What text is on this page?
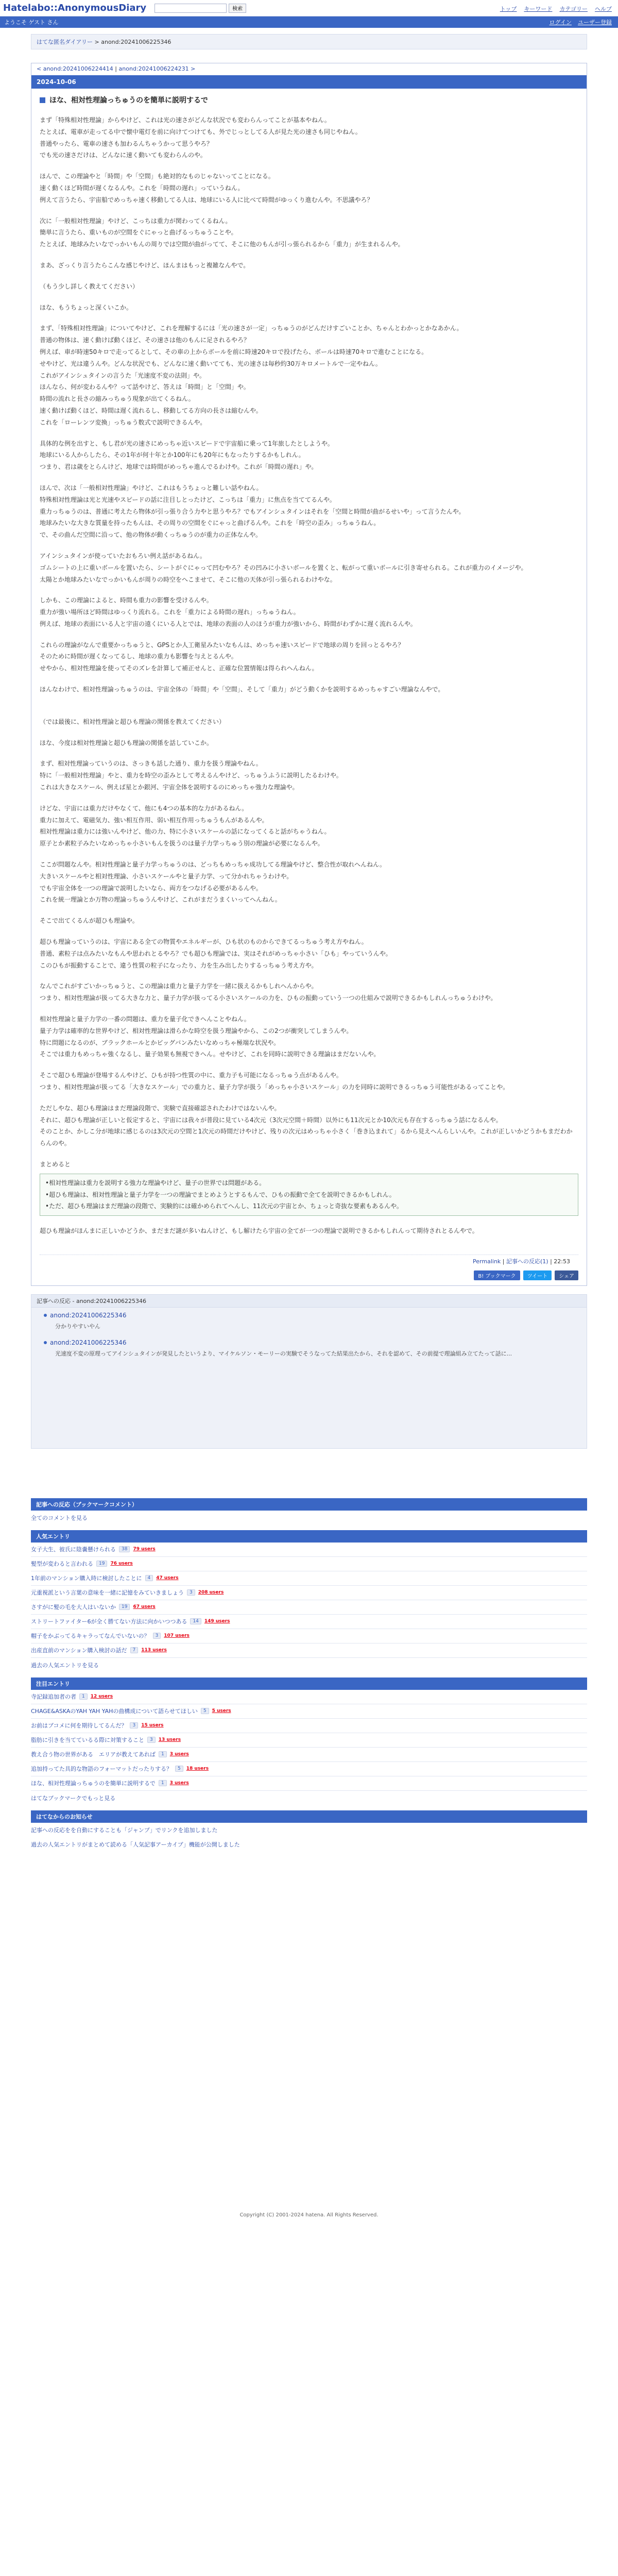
Hatelabo::AnonymousDiary	検索	トップ キーワード カテゴリー ヘルプ
ようこそ ゲスト さん	ログイン ユーザー登録
はてな匿名ダイアリー > anond:20241006225346
< anond:20241006224414 | anond:20241006224231 >
2024-10-06
ほな、相対性理論っちゅうのを簡単に説明するで

まず「特殊相対性理論」からやけど、これは光の速さがどんな状況でも変わらんってことが基本やねん。
たとえば、電車が走ってる中で懐中電灯を前に向けてつけても、外でじっとしてる人が見た光の速さも同じやねん。
普通やったら、電車の速さも加わるんちゃうかって思うやろ？
でも光の速さだけは、どんなに速く動いても変わらんのや。

ほんで、この理論やと「時間」や「空間」も絶対的なものじゃないってことになる。
速く動くほど時間が遅くなるんや。これを「時間の遅れ」っていうねん。
例えて言うたら、宇宙船でめっちゃ速く移動してる人は、地球にいる人に比べて時間がゆっくり進むんや。不思議やろ？

次に「一般相対性理論」やけど、こっちは重力が関わってくるねん。
簡単に言うたら、重いものが空間をぐにゃっと曲げるっちゅうことや。
たとえば、地球みたいなでっかいもんの周りでは空間が曲がってて、そこに他のもんが引っ張られるから「重力」が生まれるんや。

まあ、ざっくり言うたらこんな感じやけど、ほんまはもっと複雑なんやで。

（もう少し詳しく教えてください）

ほな、もうちょっと深くいこか。

まず、「特殊相対性理論」についてやけど、これを理解するには「光の速さが一定」っちゅうのがどんだけすごいことか、ちゃんとわかっとかなあかん。
普通の物体は、速く動けば動くほど、その速さは他のもんに足されるやろ？
例えば、車が時速50キロで走ってるとして、その車の上からボールを前に時速20キロで投げたら、ボールは時速70キロで進むことになる。
せやけど、光は違うんや。どんな状況でも、どんなに速く動いてても、光の速さは毎秒約30万キロメートルで一定やねん。
これがアインシュタインの言うた「光速度不変の法則」や。
ほんなら、何が変わるんや？って話やけど、答えは「時間」と「空間」や。
時間の流れと長さの縮みっちゅう現象が出てくるねん。
速く動けば動くほど、時間は遅く流れるし、移動してる方向の長さは縮むんや。
これを「ローレンツ変換」っちゅう数式で説明できるんや。

具体的な例を出すと、もし君が光の速さにめっちゃ近いスピードで宇宙船に乗って1年旅したとしようや。
地球にいる人からしたら、その1年が何十年とか100年にも20年にもなったりするかもしれん。
つまり、君は歳をとらんけど、地球では時間がめっちゃ進んでるわけや。これが「時間の遅れ」や。

ほんで、次は「一般相対性理論」やけど、これはもうちょっと難しい話やねん。
特殊相対性理論は光と光速やスピードの話に注目しとったけど、こっちは「重力」に焦点を当ててるんや。
重力っちゅうのは、普通に考えたら物体が引っ張り合う力やと思うやろ？でもアインシュタインはそれを「空間と時間が曲がるせいや」って言うたんや。
地球みたいな大きな質量を持ったもんは、その周りの空間をぐにゃっと曲げるんや。これを「時空の歪み」っちゅうねん。
で、その曲んだ空間に沿って、他の物体が動くっちゅうのが重力の正体なんや。

アインシュタインが使っていたおもろい例え話があるねん。
ゴムシートの上に重いボールを置いたら、シートがぐにゃって凹むやろ？その凹みに小さいボールを置くと、転がって重いボールに引き寄せられる。これが重力のイメージや。
太陽とか地球みたいなでっかいもんが周りの時空をへこませて、そこに他の天体が引っ張られるわけやな。

しかも、この理論によると、時間も重力の影響を受けるんや。
重力が強い場所ほど時間はゆっくり流れる。これを「重力による時間の遅れ」っちゅうねん。
例えば、地球の表面にいる人と宇宙の遠くにいる人とでは、地球の表面の人のほうが重力が強いから、時間がわずかに遅く流れるんや。

これらの理論がなんで重要かっちゅうと、GPSとか人工衛星みたいなもんは、めっちゃ速いスピードで地球の周りを回っとるやろ？
そのために時間が遅くなってるし、地球の重力も影響を与えとるんや。
せやから、相対性理論を使ってそのズレを計算して補正せんと、正確な位置情報は得られへんねん。

ほんなわけで、相対性理論っちゅうのは、宇宙全体の「時間」や「空間」、そして「重力」がどう動くかを説明するめっちゃすごい理論なんやで。

（では最後に、相対性理論と超ひも理論の関係を教えてください）

ほな、今度は相対性理論と超ひも理論の関係を話していこか。

まず、相対性理論っていうのは、さっきも話した通り、重力を扱う理論やねん。
特に「一般相対性理論」やと、重力を時空の歪みとして考えるんやけど、っちゅうふうに説明したるわけや。
これは大きなスケール、例えば星とか銀河、宇宙全体を説明するのにめっちゃ強力な理論や。

けどな、宇宙には重力だけやなくて、他にも4つの基本的な力があるねん。
重力に加えて、電磁気力、強い相互作用、弱い相互作用っちゅうもんがあるんや。
相対性理論は重力には強いんやけど、他の力、特に小さいスケールの話になってくると話がちゃうねん。
原子とか素粒子みたいなめっちゃ小さいもんを扱うのは量子力学っちゅう別の理論が必要になるんや。

ここが問題なんや。相対性理論と量子力学っちゅうのは、どっちもめっちゃ成功してる理論やけど、整合性が取れへんねん。
大きいスケールやと相対性理論、小さいスケールやと量子力学、って分かれちゃうわけや。
でも宇宙全体を一つの理論で説明したいなら、両方をつなげる必要があるんや。
これを統一理論とか万物の理論っちゅうんやけど、これがまだうまくいってへんねん。

そこで出てくるんが超ひも理論や。

超ひも理論っていうのは、宇宙にある全ての物質やエネルギーが、ひも状のものからできてるっちゅう考え方やねん。
普通、素粒子は点みたいなもんや思われとるやろ？でも超ひも理論では、実はそれがめっちゃ小さい「ひも」やっていうんや。
このひもが振動することで、違う性質の粒子になったり、力を生み出したりするっちゅう考え方や。

なんでこれがすごいかっちゅうと、この理論は重力と量子力学を一緒に扱えるかもしれへんからや。
つまり、相対性理論が扱ってる大きな力と、量子力学が扱ってる小さいスケールの力を、ひもの振動っていう一つの仕組みで説明できるかもしれんっちゅうわけや。

相対性理論と量子力学の一番の問題は、重力を量子化できへんことやねん。
量子力学は確率的な世界やけど、相対性理論は滑らかな時空を扱う理論やから、この2つが衝突してしまうんや。
特に問題になるのが、ブラックホールとかビッグバンみたいなめっちゃ極端な状況や。
そこでは重力もめっちゃ強くなるし、量子効果も無視できへん。せやけど、これを同時に説明できる理論はまだないんや。

そこで超ひも理論が登場するんやけど、ひもが持つ性質の中に、重力子も可能になるっちゅう点があるんや。
つまり、相対性理論が扱ってる「大きなスケール」での重力と、量子力学が扱う「めっちゃ小さいスケール」の力を同時に説明できるっちゅう可能性があるってことや。

ただしやな、超ひも理論はまだ理論段階で、実験で直接確認されたわけではないんや。
それに、超ひも理論が正しいと仮定すると、宇宙には我々が普段に見ている4次元（3次元空間＋時間）以外にも11次元とか10次元も存在するっちゅう話になるんや。
そのことか、かしこ分が地球に感じるのは3次元の空間と1次元の時間だけやけど、残りの次元はめっちゃ小さく「巻き込まれて」るから見えへんらしいんや。これが正しいかどうかもまだわからんのや。

まとめると

•相対性理論は重力を説明する強力な理論やけど、量子の世界では問題がある。
•超ひも理論は、相対性理論と量子力学を一つの理論でまとめようとするもんで、ひもの振動で全てを説明できるかもしれん。
•ただ、超ひも理論はまだ理論の段階で、実験的には確かめられてへんし、11次元の宇宙とか、ちょっと奇抜な要素もあるんや。

超ひも理論がほんまに正しいかどうか、まだまだ謎が多いねんけど、もし解けたら宇宙の全てが一つの理論で説明できるかもしれんって期待されとるんやで。

Permalink | 記事への反応(1) | 22:53
B! ブックマーク	ツイート	シェア
記事への反応 - anond:20241006225346
anond:20241006225346
分かりやすいやん
anond:20241006225346
光速度不変の原理ってアインシュタインが発見したというより、マイケルソン・モーリーの実験でそうなってた結果出たから、それを認めて、その前提で理論組み立てたって話に...
記事への反応（ブックマークコメント）
全てのコメントを見る
人気エントリ
女子大生、彼氏に陰嚢懸けられる	38	79 users
髪型が変わると言われる	19	76 users
1年前のマンション購入時に検討したことに	4	47 users
元重視派という言葉の意味を一緒に記憶をみていきましょう	3	208 users
さすがに髪の毛を大人はいないか	19	67 users
ストリートファイター6が全く勝てない方法に向かいつつある	14	149 users
帽子をかぶってるキャラってなんでいないの？	3	107 users
出産直前のマンション購入検討の話だ	7	113 users
過去の人気エントリを見る
注目エントリ
寺記録追加者の者	1	12 users
CHAGE&ASKAのYAH YAH YAHの曲構成について語らせてほしい	5	5 users
お前はブコメに何を期待してるんだ？	3	15 users
脂肪に引きを当てているる際に対策すること	3	13 users
教え合う物の世界がある　エリアが教えてあれば	1	3 users
追加持ってた具的な物語のフォーマットだったりする？	5	18 users
ほな、相対性理論っちゅうのを簡単に説明するで	1	3 users
はてなブックマークでもっと見る
はてなからのお知らせ
記事への反応をを自動にすることも「ジャンプ」でリンクを追加しました
過去の人気エントリがまとめて読める「人気記事アーカイブ」機能が公開しました
Copyright (C) 2001-2024 hatena. All Rights Reserved.
